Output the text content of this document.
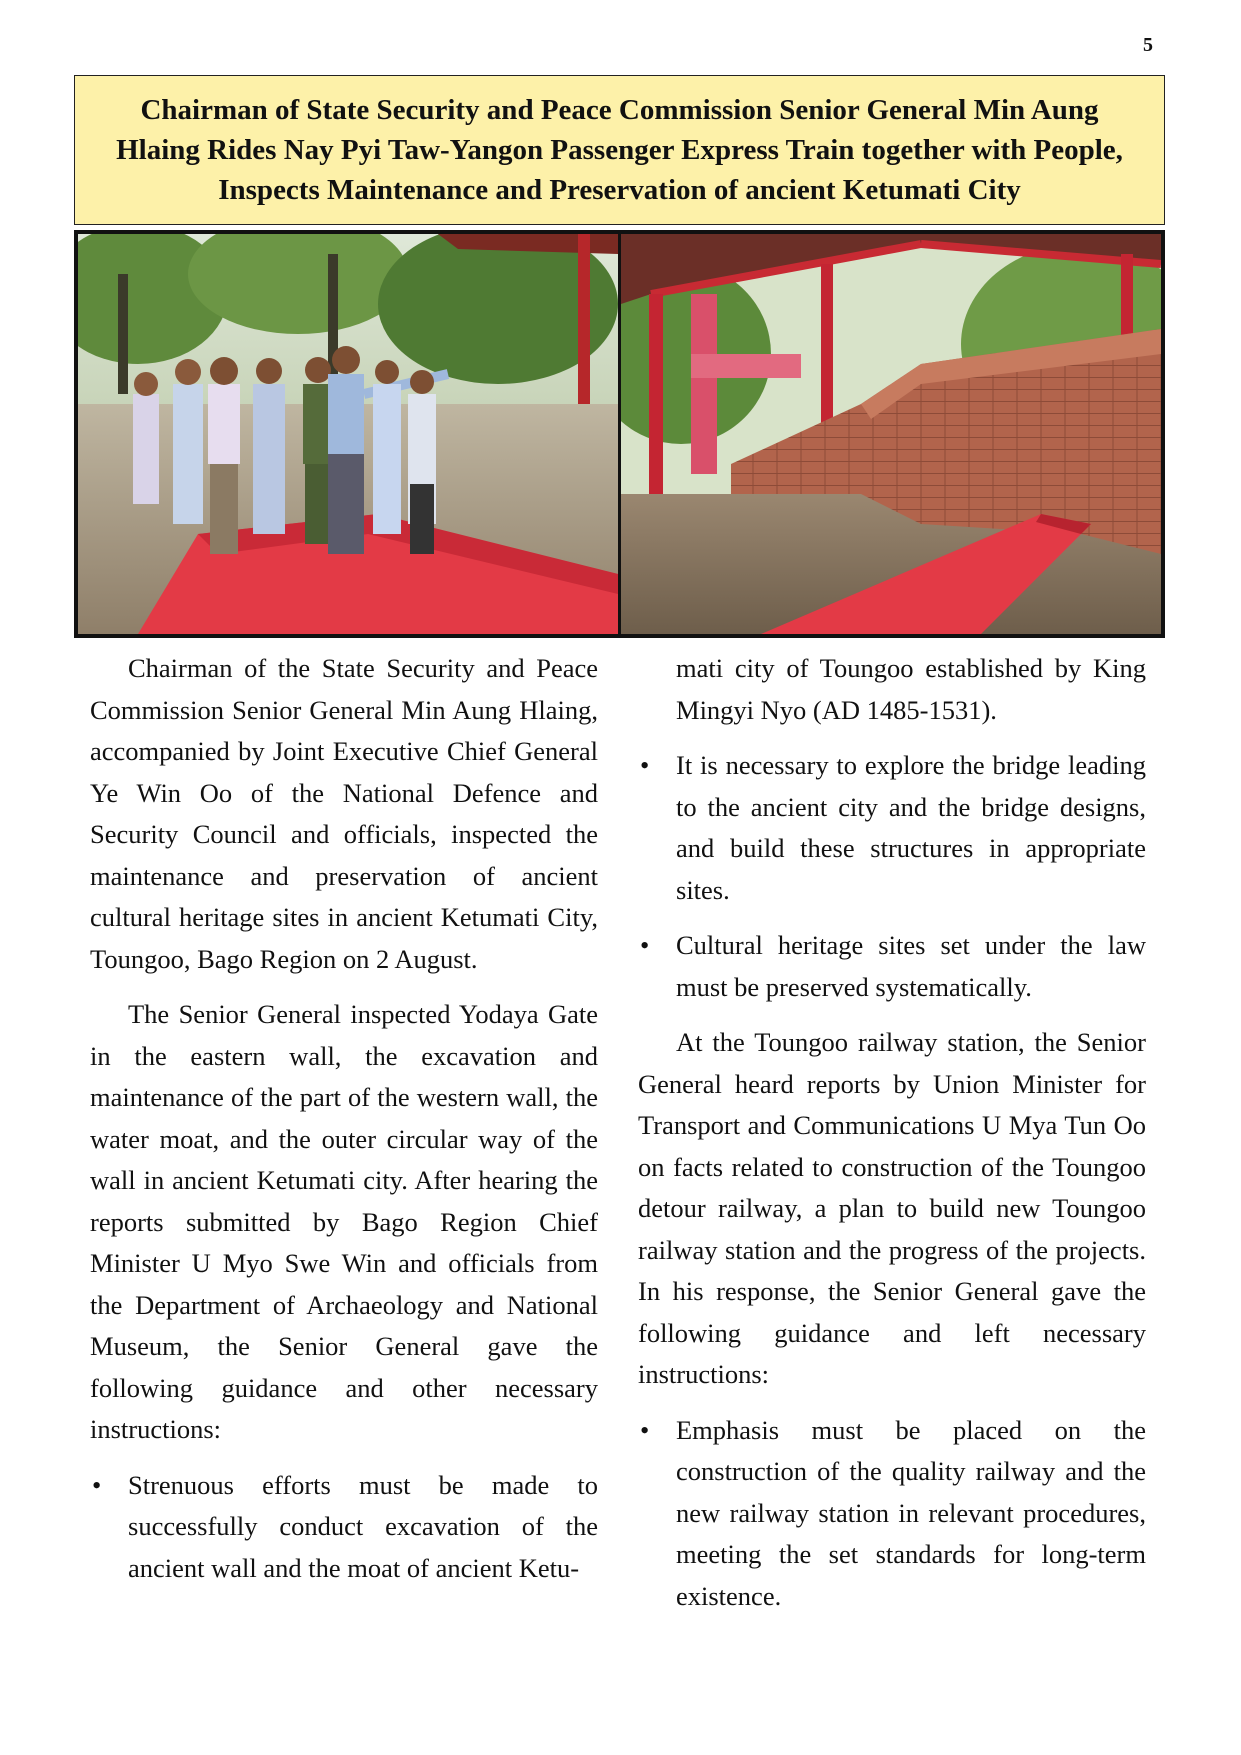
5
Chairman of State Security and Peace Commission Senior General Min Aung Hlaing Rides Nay Pyi Taw-Yangon Passenger Express Train together with People, Inspects Maintenance and Preservation of ancient Ketumati City

Chairman of the State Security and Peace Commission Senior General Min Aung Hlaing, accompanied by Joint Executive Chief General Ye Win Oo of the National Defence and Security Council and officials, inspected the maintenance and preservation of ancient cultural heritage sites in ancient Ketumati City, Toungoo, Bago Region on 2 August.

The Senior General inspected Yodaya Gate in the eastern wall, the excavation and maintenance of the part of the western wall, the water moat, and the outer circular way of the wall in ancient Ketumati city. After hearing the reports submitted by Bago Region Chief Minister U Myo Swe Win and officials from the Department of Archaeology and National Museum, the Senior General gave the following guidance and other necessary instructions:

•	Strenuous efforts must be made to successfully conduct excavation of the ancient wall and the moat of ancient Ketu-

mati city of Toungoo established by King Mingyi Nyo (AD 1485-1531).

•	It is necessary to explore the bridge leading to the ancient city and the bridge designs, and build these structures in appropriate sites.
•	Cultural heritage sites set under the law must be preserved systematically.

At the Toungoo railway station, the Senior General heard reports by Union Minister for Transport and Communications U Mya Tun Oo on facts related to construction of the Toungoo detour railway, a plan to build new Toungoo railway station and the progress of the projects. In his response, the Senior General gave the following guidance and left necessary instructions:

•	Emphasis must be placed on the construction of the quality railway and the new railway station in relevant procedures, meeting the set standards for long-term existence.
